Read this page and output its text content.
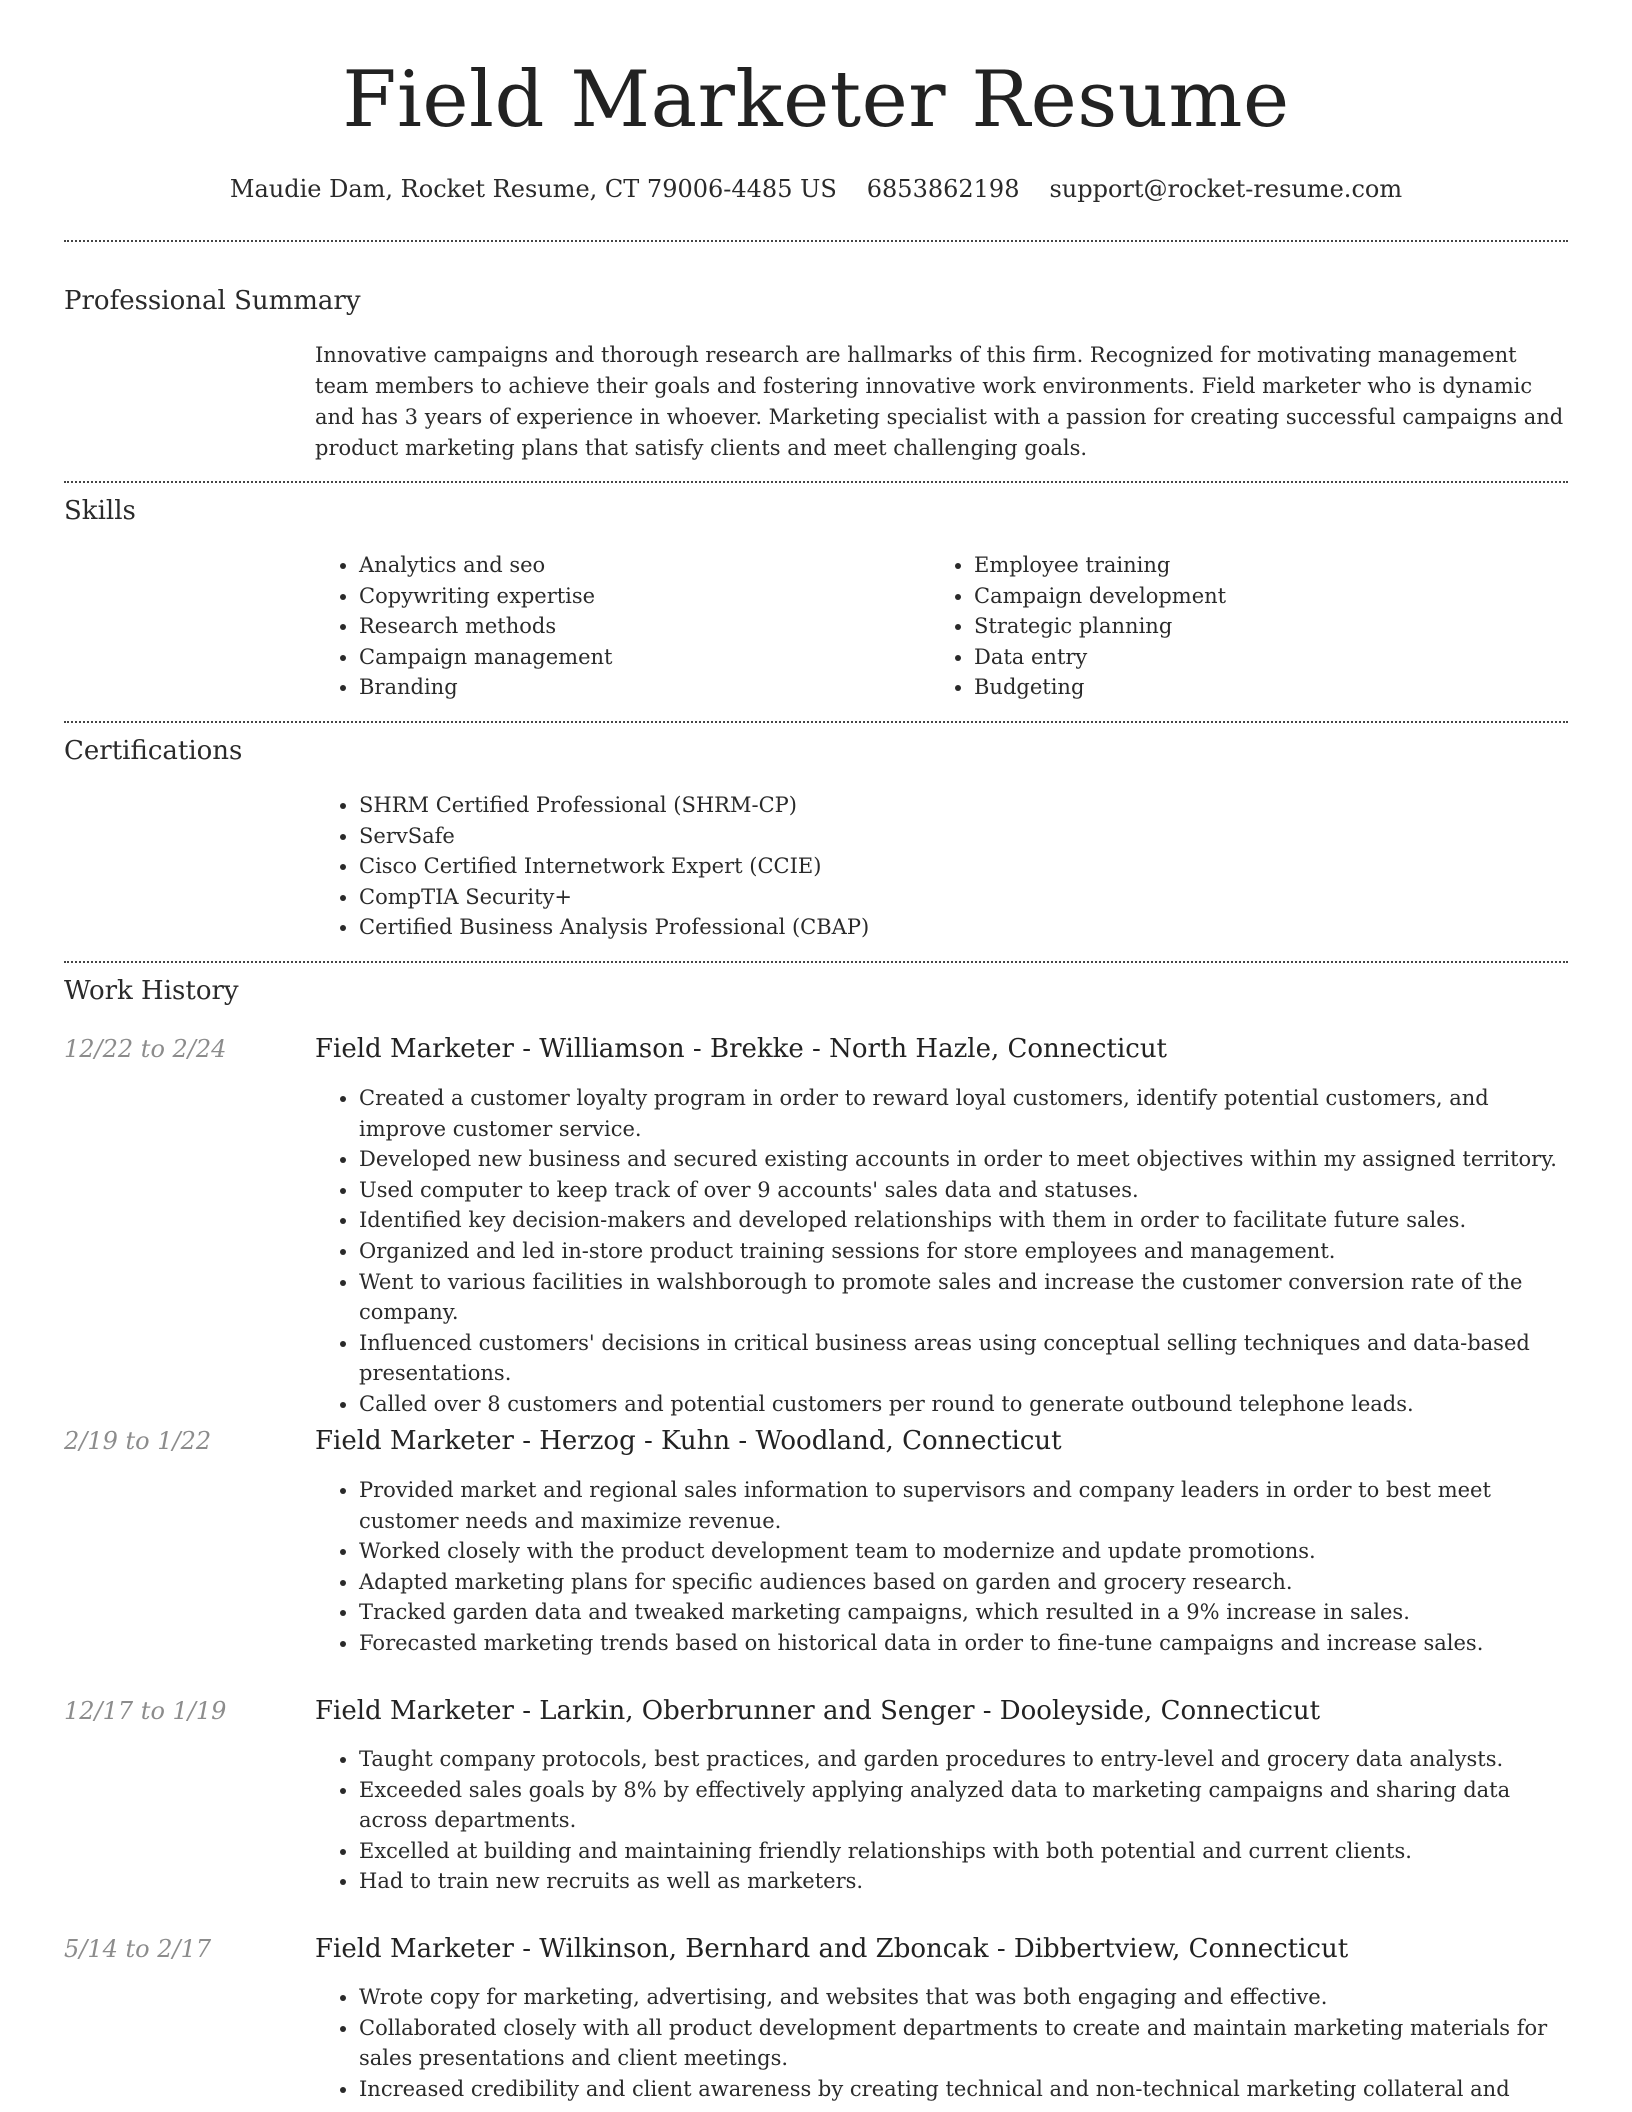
Field Marketer Resume
Maudie Dam, Rocket Resume, CT 79006-4485 US 6853862198 support@rocket-resume.com
Professional Summary

Innovative campaigns and thorough research are hallmarks of this firm. Recognized for motivating management team members to achieve their goals and fostering innovative work environments. Field marketer who is dynamic and has 3 years of experience in whoever. Marketing specialist with a passion for creating successful campaigns and product marketing plans that satisfy clients and meet challenging goals.

Skills
• Analytics and seo
• Copywriting expertise
• Research methods
• Campaign management
• Branding
• Employee training
• Campaign development
• Strategic planning
• Data entry
• Budgeting
Certifications
• SHRM Certified Professional (SHRM-CP)
• ServSafe
• Cisco Certified Internetwork Expert (CCIE)
• CompTIA Security+
• Certified Business Analysis Professional (CBAP)
Work History
12/22 to 2/24	Field Marketer - Williamson - Brekke - North Hazle, Connecticut
• Created a customer loyalty program in order to reward loyal customers, identify potential customers, and improve customer service.
• Developed new business and secured existing accounts in order to meet objectives within my assigned territory.
• Used computer to keep track of over 9 accounts' sales data and statuses.
• Identified key decision-makers and developed relationships with them in order to facilitate future sales.
• Organized and led in-store product training sessions for store employees and management.
• Went to various facilities in walshborough to promote sales and increase the customer conversion rate of the company.
• Influenced customers' decisions in critical business areas using conceptual selling techniques and data-based presentations.
• Called over 8 customers and potential customers per round to generate outbound telephone leads.
2/19 to 1/22	Field Marketer - Herzog - Kuhn - Woodland, Connecticut
• Provided market and regional sales information to supervisors and company leaders in order to best meet customer needs and maximize revenue.
• Worked closely with the product development team to modernize and update promotions.
• Adapted marketing plans for specific audiences based on garden and grocery research.
• Tracked garden data and tweaked marketing campaigns, which resulted in a 9% increase in sales.
• Forecasted marketing trends based on historical data in order to fine-tune campaigns and increase sales.
12/17 to 1/19	Field Marketer - Larkin, Oberbrunner and Senger - Dooleyside, Connecticut
• Taught company protocols, best practices, and garden procedures to entry-level and grocery data analysts.
• Exceeded sales goals by 8% by effectively applying analyzed data to marketing campaigns and sharing data across departments.
• Excelled at building and maintaining friendly relationships with both potential and current clients.
• Had to train new recruits as well as marketers.
5/14 to 2/17	Field Marketer - Wilkinson, Bernhard and Zboncak - Dibbertview, Connecticut
• Wrote copy for marketing, advertising, and websites that was both engaging and effective.
• Collaborated closely with all product development departments to create and maintain marketing materials for sales presentations and client meetings.
• Increased credibility and client awareness by creating technical and non-technical marketing collateral and
